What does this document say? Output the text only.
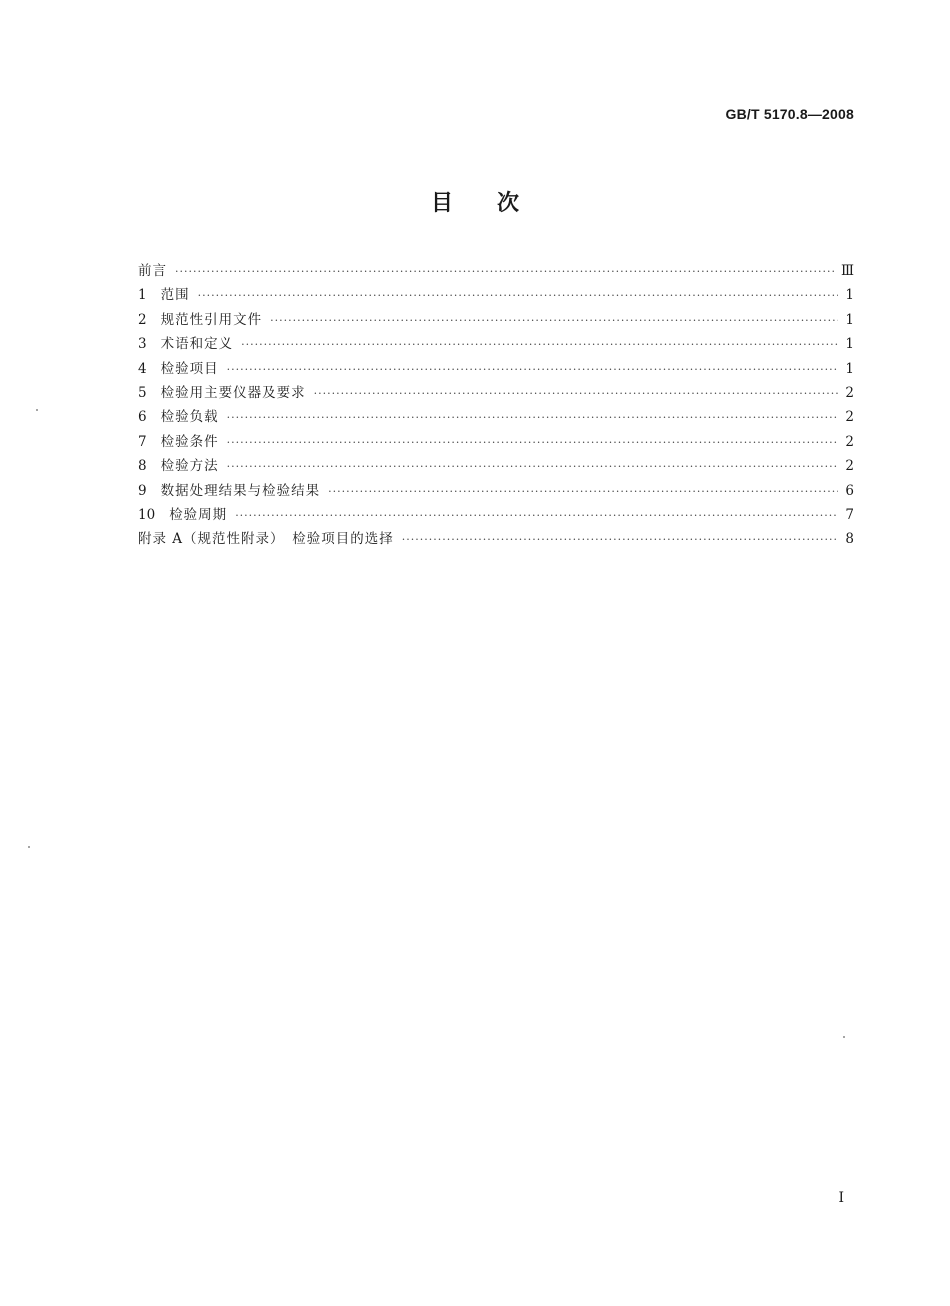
GB/T 5170.8—2008
目次
前言 ·····	Ⅲ
1	范围 ·····	1
2	规范性引用文件 ·····	1
3	术语和定义 ·····	1
4	检验项目 ·····	1
5	检验用主要仪器及要求 ·····	2
6	检验负载 ·····	2
7	检验条件 ·····	2
8	检验方法 ·····	2
9	数据处理结果与检验结果 ·····	6
10	检验周期 ·····	7
附录 A（规范性附录）　检验项目的选择 ·····	8
I
